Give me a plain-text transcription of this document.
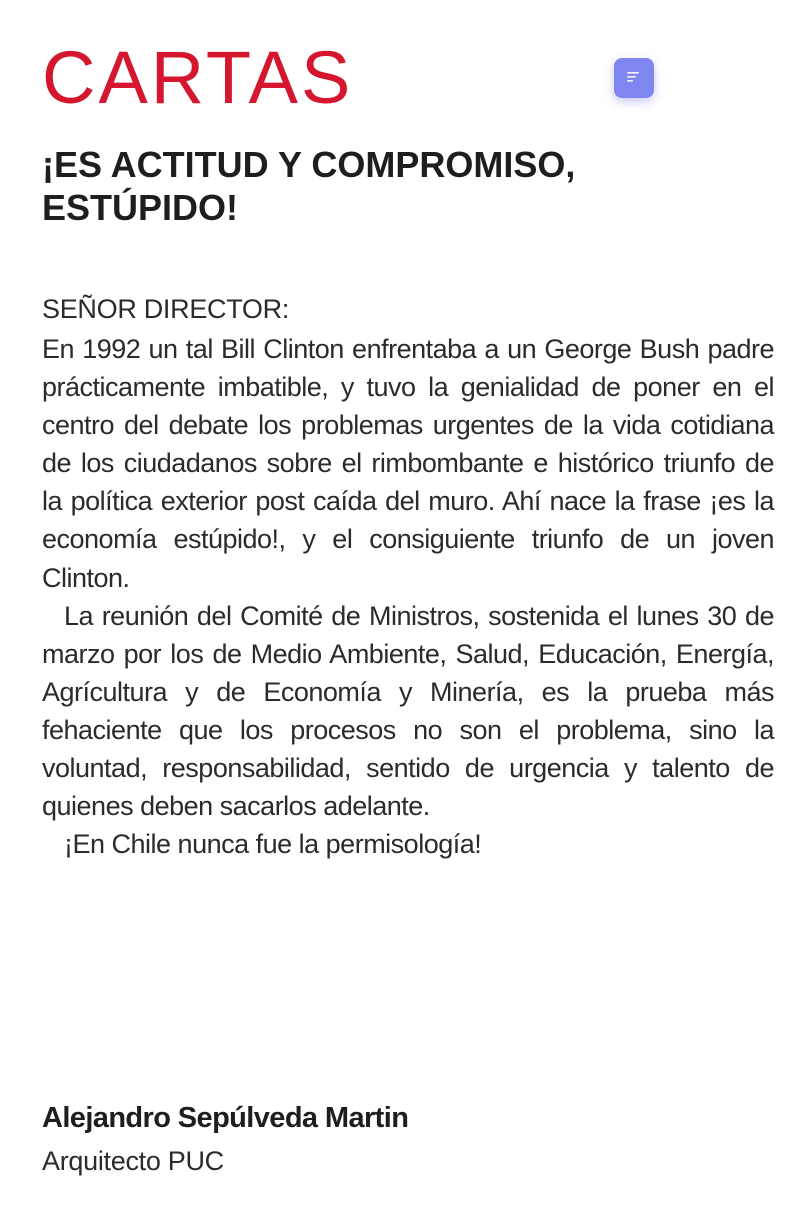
CARTAS
¡ES ACTITUD Y COMPROMISO, ESTÚPIDO!

SEÑOR DIRECTOR:

En 1992 un tal Bill Clinton enfrentaba a un George Bush padre prácticamente imbatible, y tuvo la genialidad de poner en el centro del debate los problemas urgentes de la vida cotidiana de los ciudadanos sobre el rimbombante e histórico triunfo de la política exterior post caída del muro. Ahí nace la frase ¡es la economía estúpido!, y el consiguiente triunfo de un joven Clinton.

La reunión del Comité de Ministros, sostenida el lunes 30 de marzo por los de Medio Ambiente, Salud, Educación, Energía, Agrícultura y de Economía y Minería, es la prueba más fehaciente que los procesos no son el problema, sino la voluntad, responsabilidad, sentido de urgencia y talento de quienes deben sacarlos adelante.

¡En Chile nunca fue la permisología!

Alejandro Sepúlveda Martin
Arquitecto PUC
